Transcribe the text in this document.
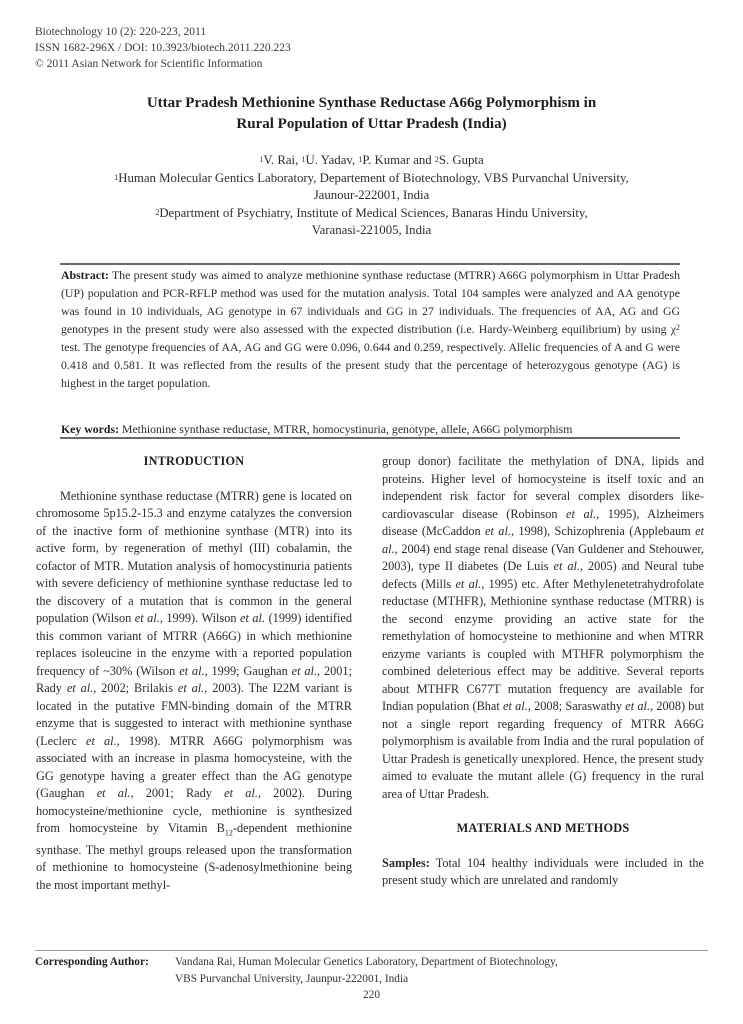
Biotechnology 10 (2): 220-223, 2011
ISSN 1682-296X / DOI: 10.3923/biotech.2011.220.223
© 2011 Asian Network for Scientific Information
Uttar Pradesh Methionine Synthase Reductase A66g Polymorphism in
Rural Population of Uttar Pradesh (India)
$^1$V. Rai, $^1$U. Yadav, $^1$P. Kumar and $^2$S. Gupta
$^1$Human Molecular Gentics Laboratory, Departement of Biotechnology, VBS Purvanchal University,
Jaunour-222001, India
$^2$Department of Psychiatry, Institute of Medical Sciences, Banaras Hindu University,
Varanasi-221005, India
Abstract: The present study was aimed to analyze methionine synthase reductase (MTRR) A66G polymorphism in Uttar Pradesh (UP) population and PCR-RFLP method was used for the mutation analysis. Total 104 samples were analyzed and AA genotype was found in 10 individuals, AG genotype in 67 individuals and GG in 27 individuals. The frequencies of AA, AG and GG genotypes in the present study were also assessed with the expected distribution (i.e. Hardy-Weinberg equilibrium) by using $\chi^2$ test. The genotype frequencies of AA, AG and GG were 0.096, 0.644 and 0.259, respectively. Allelic frequencies of A and G were 0.418 and 0.581. It was reflected from the results of the present study that the percentage of heterozygous genotype (AG) is highest in the target population.
Key words: Methionine synthase reductase, MTRR, homocystinuria, genotype, allele, A66G polymorphism
INTRODUCTION

Methionine synthase reductase (MTRR) gene is located on chromosome 5p15.2-15.3 and enzyme catalyzes the conversion of the inactive form of methionine synthase (MTR) into its active form, by regeneration of methyl (III) cobalamin, the cofactor of MTR. Mutation analysis of homocystinuria patients with severe deficiency of methionine synthase reductase led to the discovery of a mutation that is common in the general population (Wilson et al., 1999). Wilson et al. (1999) identified this common variant of MTRR (A66G) in which methionine replaces isoleucine in the enzyme with a reported population frequency of ~30% (Wilson et al., 1999; Gaughan et al., 2001; Rady et al., 2002; Brilakis et al., 2003). The I22M variant is located in the putative FMN-binding domain of the MTRR enzyme that is suggested to interact with methionine synthase (Leclerc et al., 1998). MTRR A66G polymorphism was associated with an increase in plasma homocysteine, with the GG genotype having a greater effect than the AG genotype (Gaughan et al., 2001; Rady et al., 2002). During homocysteine/methionine cycle, methionine is synthesized from homocysteine by Vitamin $B_{12}$-dependent methionine synthase. The methyl groups released upon the transformation of methionine to homocysteine (S-adenosylmethionine being the most important methyl-

group donor) facilitate the methylation of DNA, lipids and proteins. Higher level of homocysteine is itself toxic and an independent risk factor for several complex disorders like-cardiovascular disease (Robinson et al., 1995), Alzheimers disease (McCaddon et al., 1998), Schizophrenia (Applebaum et al., 2004) end stage renal disease (Van Guldener and Stehouwer, 2003), type II diabetes (De Luis et al., 2005) and Neural tube defects (Mills et al., 1995) etc. After Methylenetetrahydrofolate reductase (MTHFR), Methionine synthase reductase (MTRR) is the second enzyme providing an active state for the remethylation of homocysteine to methionine and when MTRR enzyme variants is coupled with MTHFR polymorphism the combined deleterious effect may be additive. Several reports about MTHFR C677T mutation frequency are available for Indian population (Bhat et al., 2008; Saraswathy et al., 2008) but not a single report regarding frequency of MTRR A66G polymorphism is available from India and the rural population of Uttar Pradesh is genetically unexplored. Hence, the present study aimed to evaluate the mutant allele (G) frequency in the rural area of Uttar Pradesh.

MATERIALS AND METHODS

Samples: Total 104 healthy individuals were included in the present study which are unrelated and randomly

Corresponding Author: Vandana Rai, Human Molecular Genetics Laboratory, Department of Biotechnology,
VBS Purvanchal University, Jaunpur-222001, India
220
